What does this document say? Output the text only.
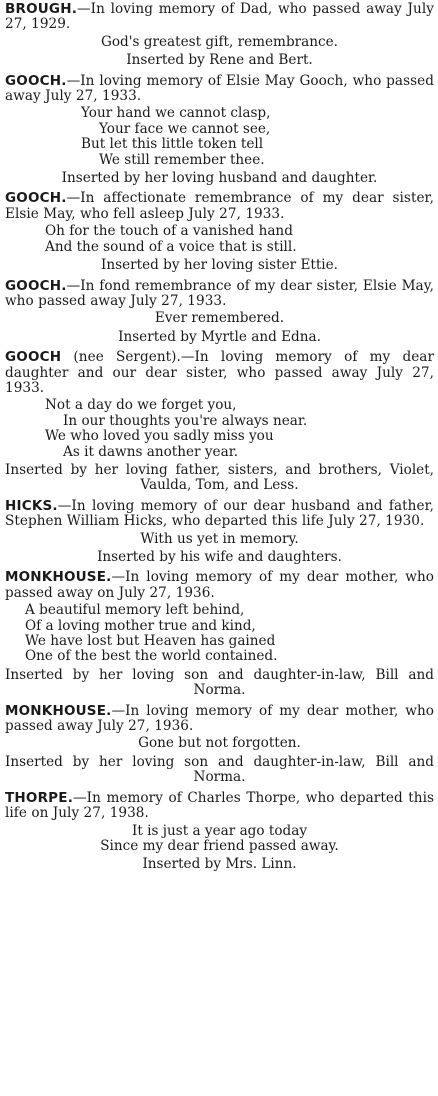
BROUGH.—In loving memory of Dad, who passed away July 27, 1929.

God's greatest gift, remembrance.

Inserted by Rene and Bert.

GOOCH.—In loving memory of Elsie May Gooch, who passed away July 27, 1933.

Your hand we cannot clasp,
Your face we cannot see,
But let this little token tell
We still remember thee.

Inserted by her loving husband and daughter.

GOOCH.—In affectionate remembrance of my dear sister, Elsie May, who fell asleep July 27, 1933.

Oh for the touch of a vanished hand
And the sound of a voice that is still.

Inserted by her loving sister Ettie.

GOOCH.—In fond remembrance of my dear sister, Elsie May, who passed away July 27, 1933.

Ever remembered.

Inserted by Myrtle and Edna.

GOOCH (nee Sergent).—In loving memory of my dear daughter and our dear sister, who passed away July 27, 1933.

Not a day do we forget you,
In our thoughts you're always near.
We who loved you sadly miss you
As it dawns another year.

Inserted by her loving father, sisters, and brothers, Violet, Vaulda, Tom, and Less.

HICKS.—In loving memory of our dear husband and father, Stephen William Hicks, who departed this life July 27, 1930.

With us yet in memory.

Inserted by his wife and daughters.

MONKHOUSE.—In loving memory of my dear mother, who passed away on July 27, 1936.

A beautiful memory left behind,
Of a loving mother true and kind,
We have lost but Heaven has gained
One of the best the world contained.

Inserted by her loving son and daughter-in-law, Bill and Norma.

MONKHOUSE.—In loving memory of my dear mother, who passed away July 27, 1936.

Gone but not forgotten.

Inserted by her loving son and daughter-in-law, Bill and Norma.

THORPE.—In memory of Charles Thorpe, who departed this life on July 27, 1938.

It is just a year ago today
Since my dear friend passed away.

Inserted by Mrs. Linn.
